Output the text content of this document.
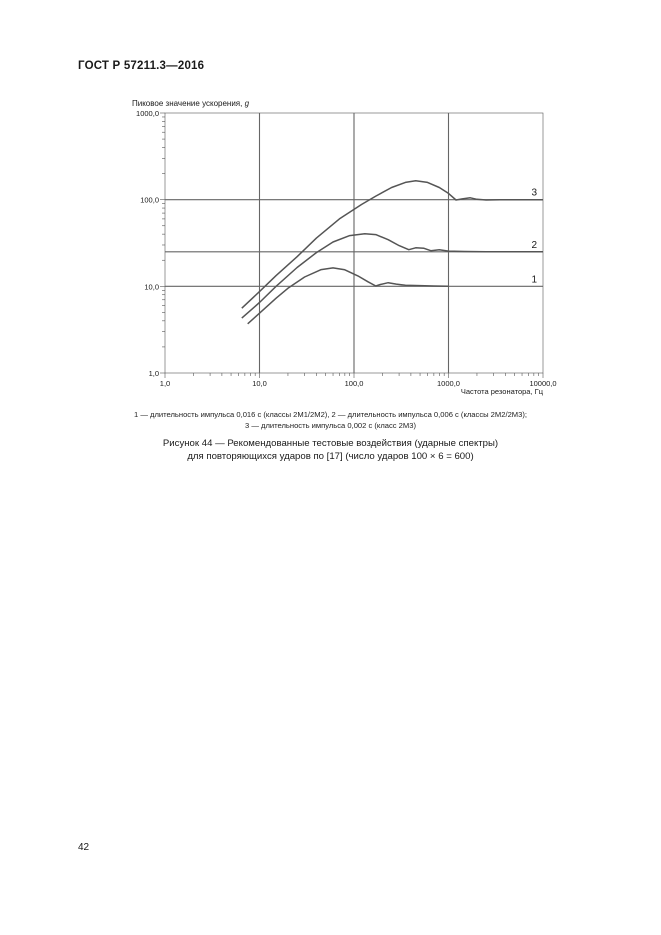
ГОСТ Р 57211.3—2016
Пиковое значение ускорения, g
1,0	10,0	100,0	1000,0	10000,0
1,0
10,0
100,0
1000,0
3
2
1
Частота резонатора, Гц
1 — длительность импульса 0,016 с (классы 2M1/2M2), 2 — длительность импульса 0,006 с (классы 2M2/2M3);
3 — длительность импульса 0,002 с (класс 2M3)
Рисунок 44 — Рекомендованные тестовые воздействия (ударные спектры)
для повторяющихся ударов по [17] (число ударов 100 × 6 = 600)
42
